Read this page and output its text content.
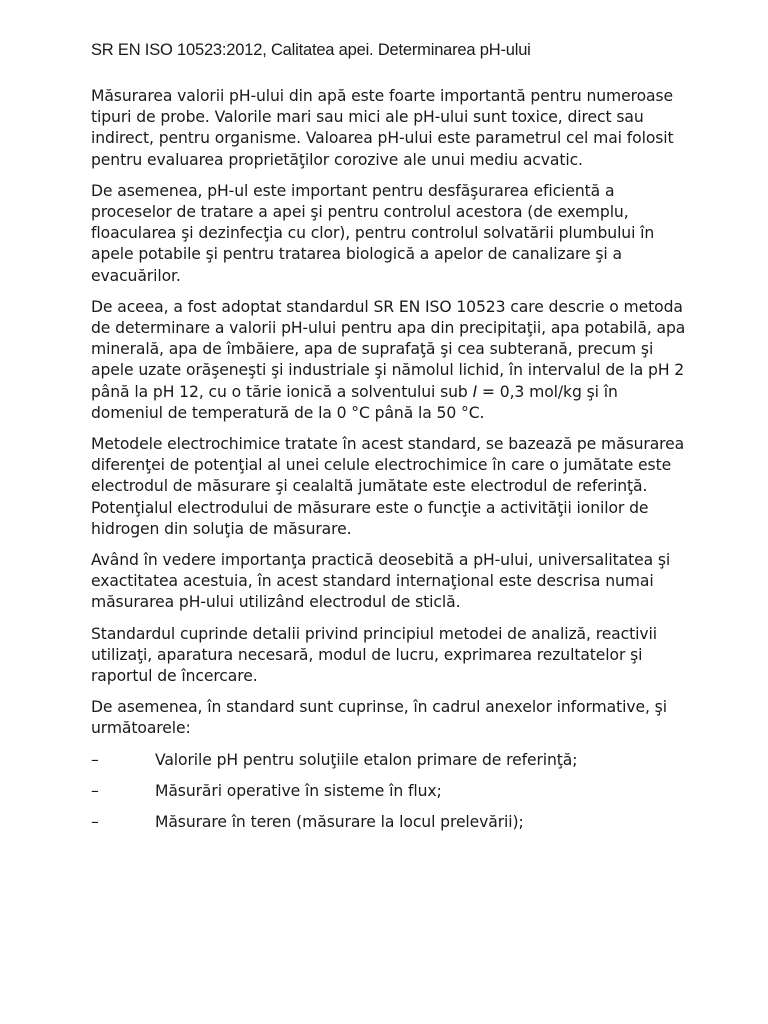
SR EN ISO 10523:2012, Calitatea apei. Determinarea pH-ului

Măsurarea valorii pH-ului din apă este foarte importantă pentru numeroase tipuri de probe. Valorile mari sau mici ale pH-ului sunt toxice, direct sau indirect, pentru organisme. Valoarea pH-ului este parametrul cel mai folosit pentru evaluarea proprietăţilor corozive ale unui mediu acvatic.

De asemenea, pH-ul este important pentru desfăşurarea eficientă a proceselor de tratare a apei şi pentru controlul acestora (de exemplu, floacularea şi dezinfecţia cu clor), pentru controlul solvatării plumbului în apele potabile şi pentru tratarea biologică a apelor de canalizare şi a evacuărilor.

De aceea, a fost adoptat standardul SR EN ISO 10523 care descrie o metoda de determinare a valorii pH-ului pentru apa din precipitaţii, apa potabilă, apa minerală, apa de îmbăiere, apa de suprafaţă şi cea subterană, precum şi apele uzate orăşeneşti şi industriale şi nămolul lichid, în intervalul de la pH 2 până la pH 12, cu o tărie ionică a solventului sub I = 0,3 mol/kg şi în domeniul de temperatură de la 0 °C până la 50 °C.

Metodele electrochimice tratate în acest standard, se bazează pe măsurarea diferenţei de potenţial al unei celule electrochimice în care o jumătate este electrodul de măsurare şi cealaltă jumătate este electrodul de referinţă. Potenţialul electrodului de măsurare este o funcţie a activităţii ionilor de hidrogen din soluţia de măsurare.

Având în vedere importanţa practică deosebită a pH-ului, universalitatea şi exactitatea acestuia, în acest standard internaţional este descrisa numai măsurarea pH-ului utilizând electrodul de sticlă.

Standardul cuprinde detalii privind principiul metodei de analiză, reactivii utilizaţi, aparatura necesară, modul de lucru, exprimarea rezultatelor şi raportul de încercare.

De asemenea, în standard sunt cuprinse, în cadrul anexelor informative, şi următoarele:

–	Valorile pH pentru soluţiile etalon primare de referinţă;
–	Măsurări operative în sisteme în flux;
–	Măsurare în teren (măsurare la locul prelevării);
